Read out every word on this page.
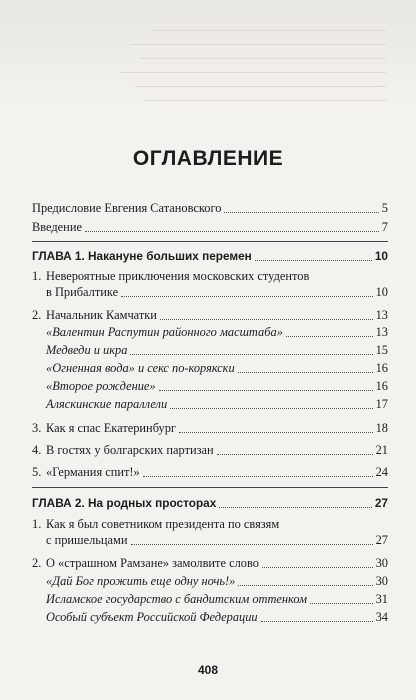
ОГЛАВЛЕНИЕ
Предисловие Евгения Сатановского	5
Введение	7
ГЛАВА 1. Накануне больших перемен	10
1. Невероятные приключения московских студентов
в Прибалтике	10
2. Начальник Камчатки	13
«Валентин Распутин районного масштаба»	13
Медведи и икра	15
«Огненная вода» и секс по-корякски	16
«Второе рождение»	16
Аляскинские параллели	17
3. Как я спас Екатеринбург	18
4. В гостях у болгарских партизан	21
5. «Германия спит!»	24
ГЛАВА 2. На родных просторах	27
1. Как я был советником президента по связям
с пришельцами	27
2. О «страшном Рамзане» замолвите слово	30
«Дай Бог прожить еще одну ночь!»	30
Исламское государство с бандитским оттенком	31
Особый субъект Российской Федерации	34
408
